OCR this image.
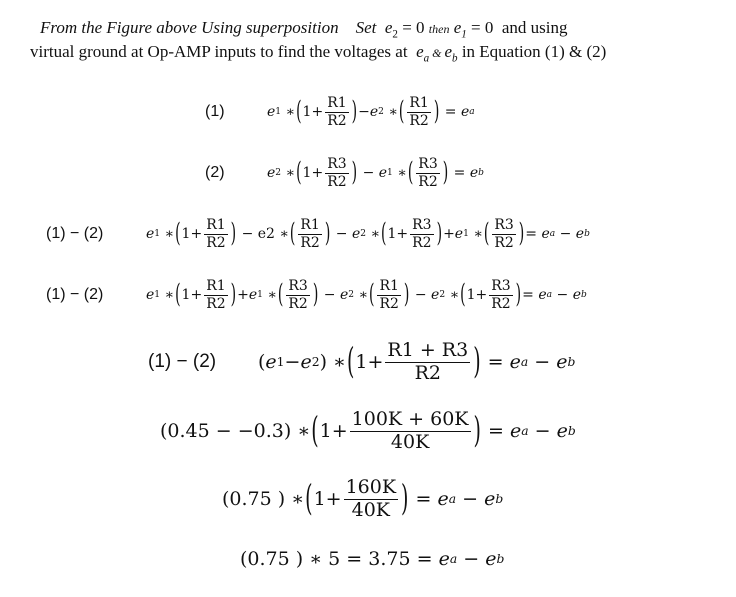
From the Figure above Using superposition Set $e_2 = 0$ then $e_1 = 0$ and using
virtual ground at Op-AMP inputs to find the voltages at $e_a$ & $e_b$ in Equation (1) & (2)
(1)	e 1
∗ ( $1 + \frac{R1}{R2}$ ) − e 2
∗ ( $\frac{R1}{R2}$ )
=
e a
(2)	e 2
∗ ( $1 + \frac{R3}{R2}$ )
−
e 1
∗ ( $\frac{R3}{R2}$ )
=
e b
(1) − (2)	e 1
∗ ( $1 + \frac{R1}{R2}$ )
−
e2
∗ ( $\frac{R1}{R2}$ )
−
e 2
∗ ( $1 + \frac{R3}{R2}$ ) + e 1
∗ ( $\frac{R3}{R2}$ ) =
e a
−
e b
(1) − (2)	e 1
∗ ( $1 + \frac{R1}{R2}$ ) + e 1
∗ ( $\frac{R3}{R2}$ )
−
e 2
∗ ( $\frac{R1}{R2}$ )
−
e 2
∗ ( $1 + \frac{R3}{R2}$ ) =
e a
−
e b
(1) − (2)	( e 1 − e 2 )
∗ ( $1 + \frac{R1 + R3}{R2}$ )
=
e a
−
e b
(0.45 − −0.3)
∗ ( $1 + \frac{100K + 60K}{40K}$ )
=
e a
−
e b
(0.75 )
∗ ( $1 + \frac{160K}{40K}$ )
=
e a
−
e b
(0.75 ) ∗ 5 = 3.75 =
e a
−
e b
